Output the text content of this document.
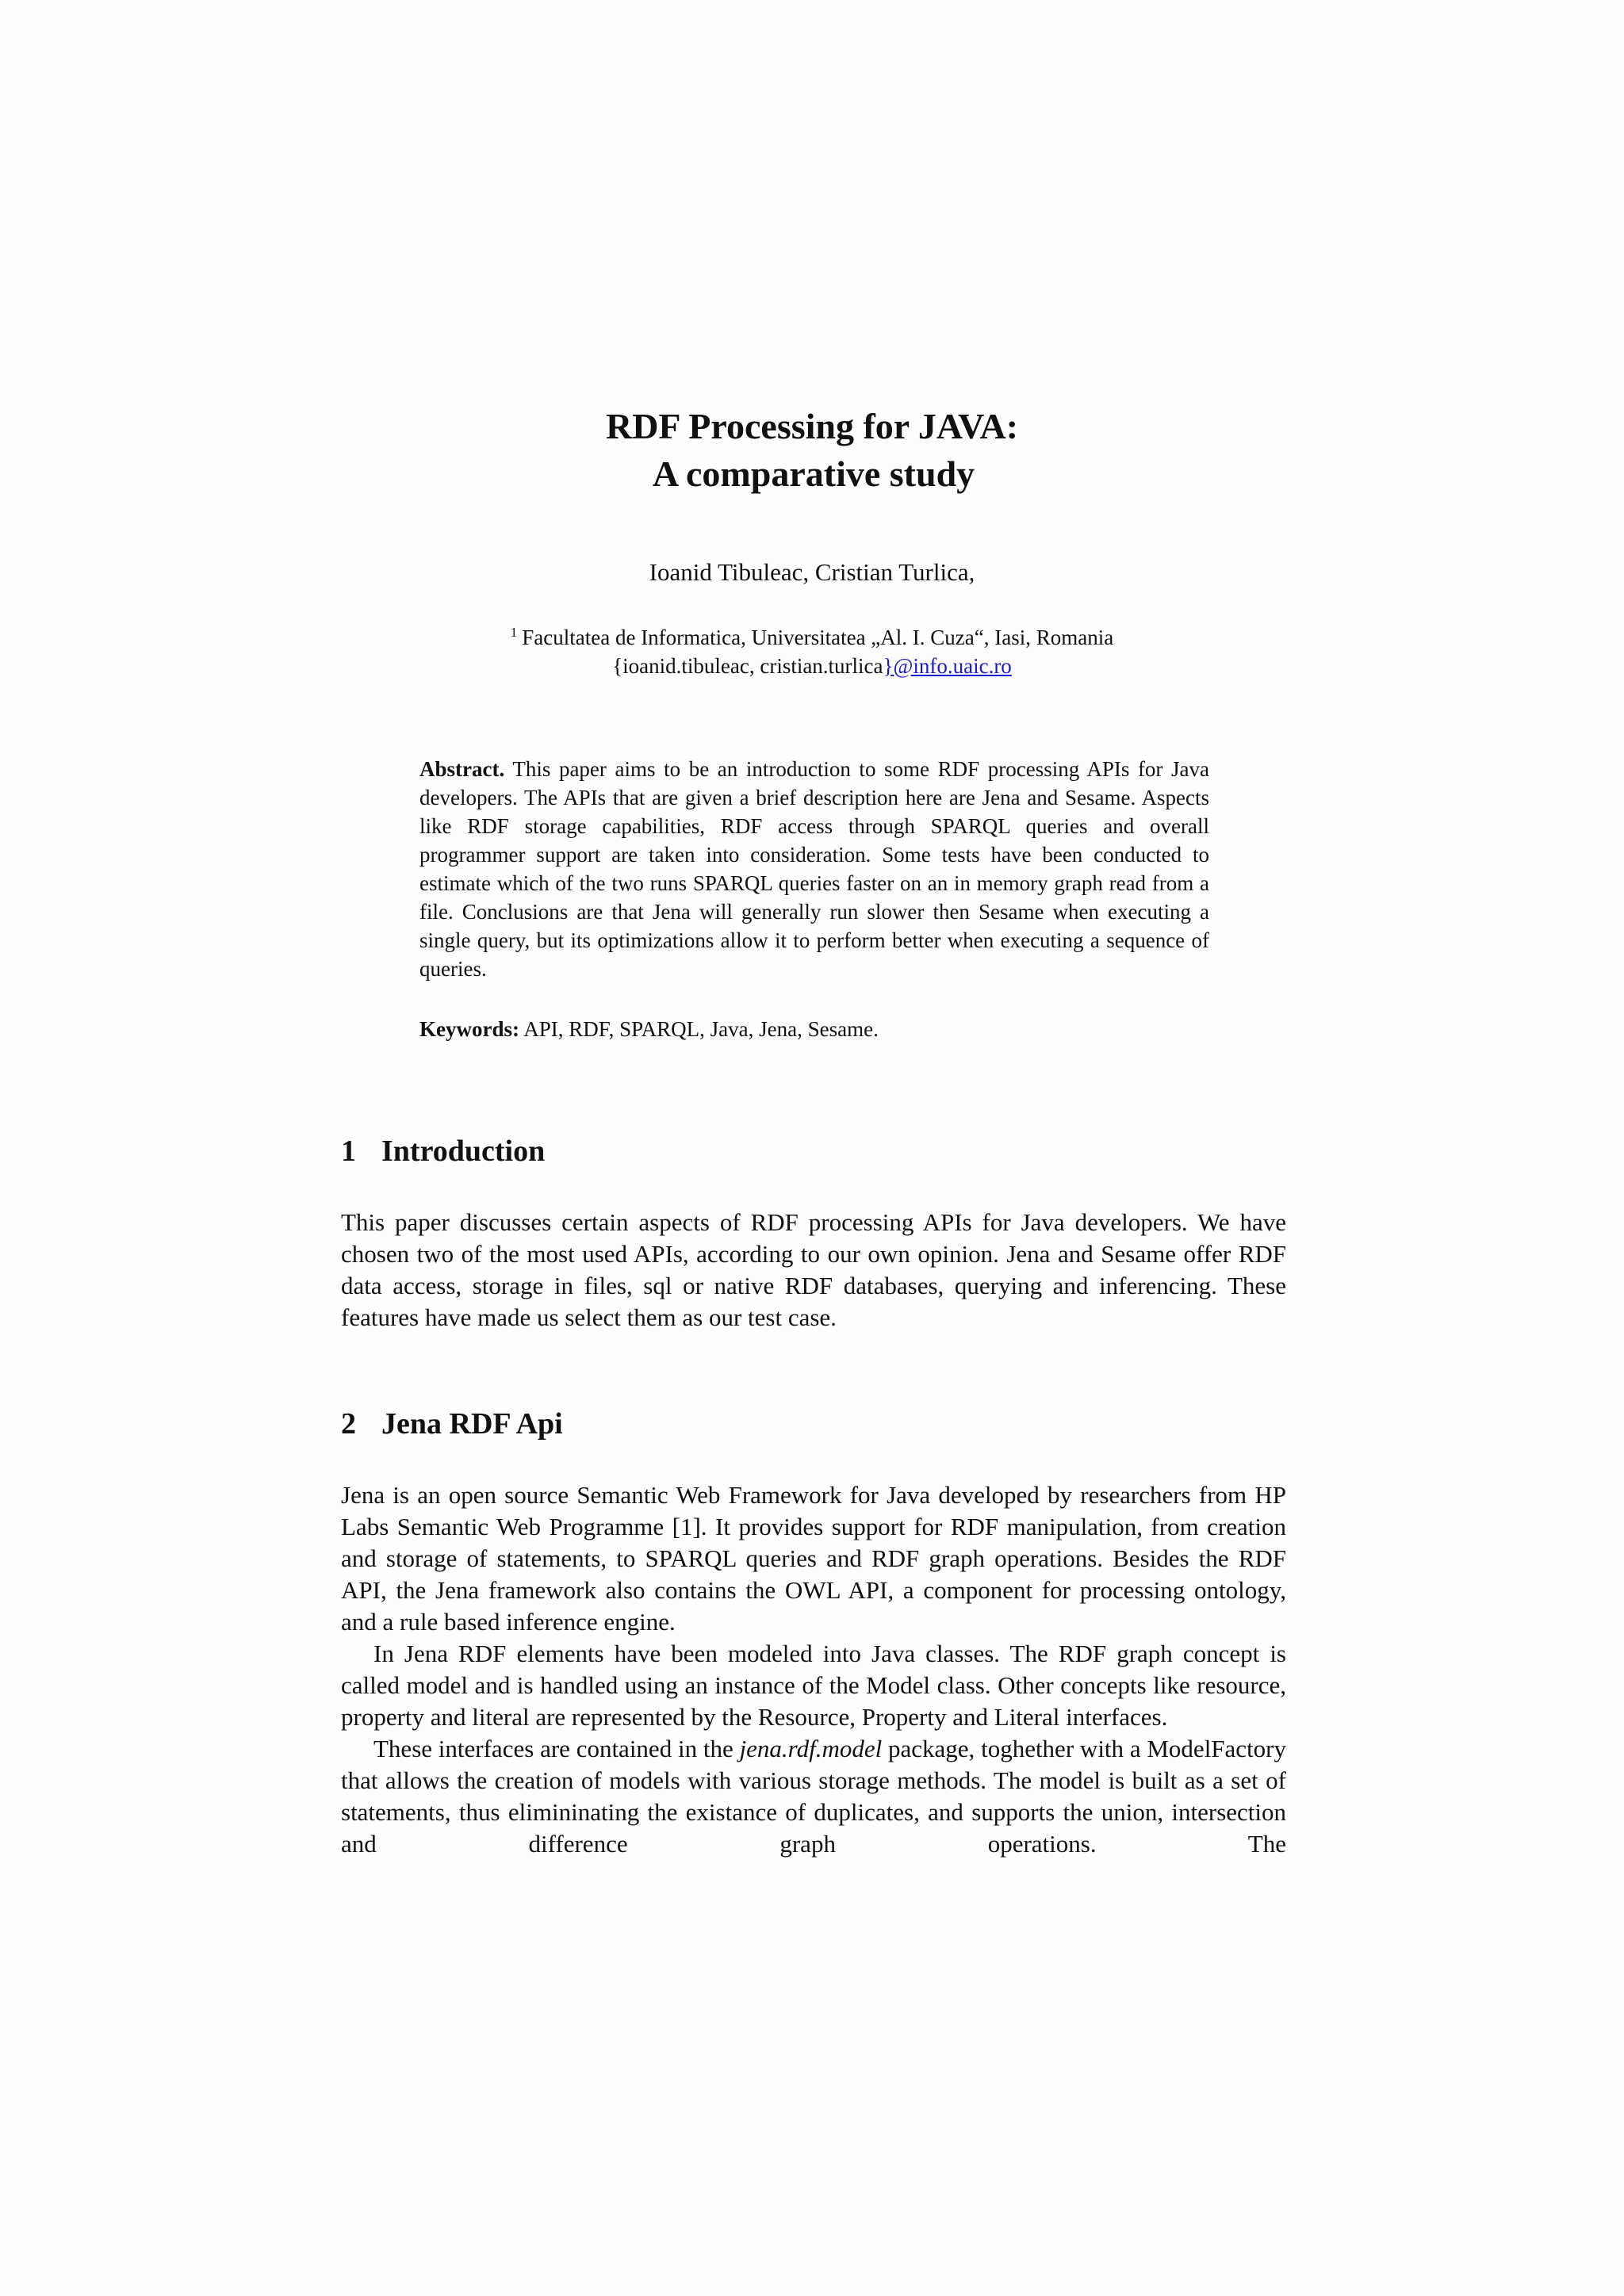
RDF Processing for JAVA:
A comparative study
Ioanid Tibuleac, Cristian Turlica,
$^1$ Facultatea de Informatica, Universitatea „Al. I. Cuza“, Iasi, Romania
{ioanid.tibuleac, cristian.turlica}@info.uaic.ro
Abstract. This paper aims to be an introduction to some RDF processing APIs for Java developers. The APIs that are given a brief description here are Jena and Sesame. Aspects like RDF storage capabilities, RDF access through SPARQL queries and overall programmer support are taken into consideration. Some tests have been conducted to estimate which of the two runs SPARQL queries faster on an in memory graph read from a file. Conclusions are that Jena will generally run slower then Sesame when executing a single query, but its optimizations allow it to perform better when executing a sequence of queries.
Keywords: API, RDF, SPARQL, Java, Jena, Sesame.
1 Introduction

This paper discusses certain aspects of RDF processing APIs for Java developers. We have chosen two of the most used APIs, according to our own opinion. Jena and Sesame offer RDF data access, storage in files, sql or native RDF databases, querying and inferencing. These features have made us select them as our test case.

2 Jena RDF Api

Jena is an open source Semantic Web Framework for Java developed by researchers from HP Labs Semantic Web Programme [1]. It provides support for RDF manipulation, from creation and storage of statements, to SPARQL queries and RDF graph operations. Besides the RDF API, the Jena framework also contains the OWL API, a component for processing ontology, and a rule based inference engine.

In Jena RDF elements have been modeled into Java classes. The RDF graph concept is called model and is handled using an instance of the Model class. Other concepts like resource, property and literal are represented by the Resource, Property and Literal interfaces.

These interfaces are contained in the jena.rdf.model package, toghether with a ModelFactory that allows the creation of models with various storage methods. The model is built as a set of statements, thus elimininating the existance of duplicates, and supports the union, intersection and difference graph operations. The
